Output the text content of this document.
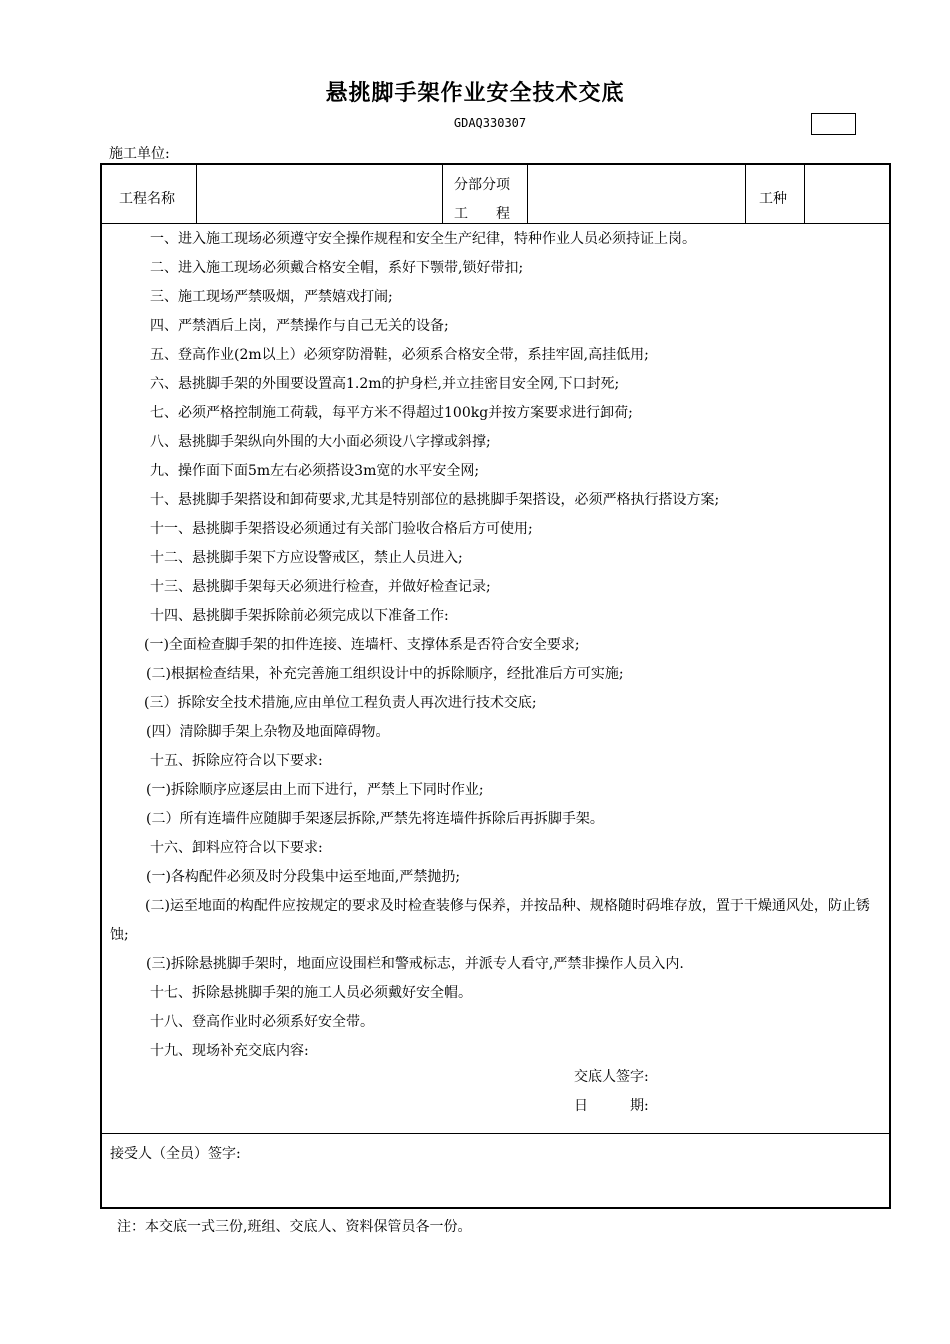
悬挑脚手架作业安全技术交底
GDAQ330307
施工单位:
工程名称
分部分项
工　　程
工种
一、进入施工现场必须遵守安全操作规程和安全生产纪律，特种作业人员必须持证上岗。
二、进入施工现场必须戴合格安全帽，系好下颚带,锁好带扣;
三、施工现场严禁吸烟，严禁嬉戏打闹;
四、严禁酒后上岗，严禁操作与自己无关的设备;
五、登高作业(2m以上）必须穿防滑鞋，必须系合格安全带，系挂牢固,高挂低用;
六、悬挑脚手架的外围要设置高1.2m的护身栏,并立挂密目安全网,下口封死;
七、必须严格控制施工荷载，每平方米不得超过100kg并按方案要求进行卸荷;
八、悬挑脚手架纵向外围的大小面必须设八字撑或斜撑;
九、操作面下面5m左右必须搭设3m宽的水平安全网;
十、悬挑脚手架搭设和卸荷要求,尤其是特别部位的悬挑脚手架搭设，必须严格执行搭设方案;
十一、悬挑脚手架搭设必须通过有关部门验收合格后方可使用;
十二、悬挑脚手架下方应设警戒区，禁止人员进入;
十三、悬挑脚手架每天必须进行检查，并做好检查记录;
十四、悬挑脚手架拆除前必须完成以下准备工作:
(一)全面检查脚手架的扣件连接、连墙杆、支撑体系是否符合安全要求;
(二)根据检查结果，补充完善施工组织设计中的拆除顺序，经批准后方可实施;
(三）拆除安全技术措施,应由单位工程负责人再次进行技术交底;
(四）清除脚手架上杂物及地面障碍物。
十五、拆除应符合以下要求:
(一)拆除顺序应逐层由上而下进行，严禁上下同时作业;
(二）所有连墙件应随脚手架逐层拆除,严禁先将连墙件拆除后再拆脚手架。
十六、卸料应符合以下要求:
(一)各构配件必须及时分段集中运至地面,严禁抛扔;
(二)运至地面的构配件应按规定的要求及时检查装修与保养，并按品种、规格随时码堆存放，置于干燥通风处，防止锈蚀;
(三)拆除悬挑脚手架时，地面应设围栏和警戒标志，并派专人看守,严禁非操作人员入内.
十七、拆除悬挑脚手架的施工人员必须戴好安全帽。
十八、登高作业时必须系好安全带。
十九、现场补充交底内容:
交底人签字:
日　　　期:
接受人（全员）签字:
注：本交底一式三份,班组、交底人、资料保管员各一份。
